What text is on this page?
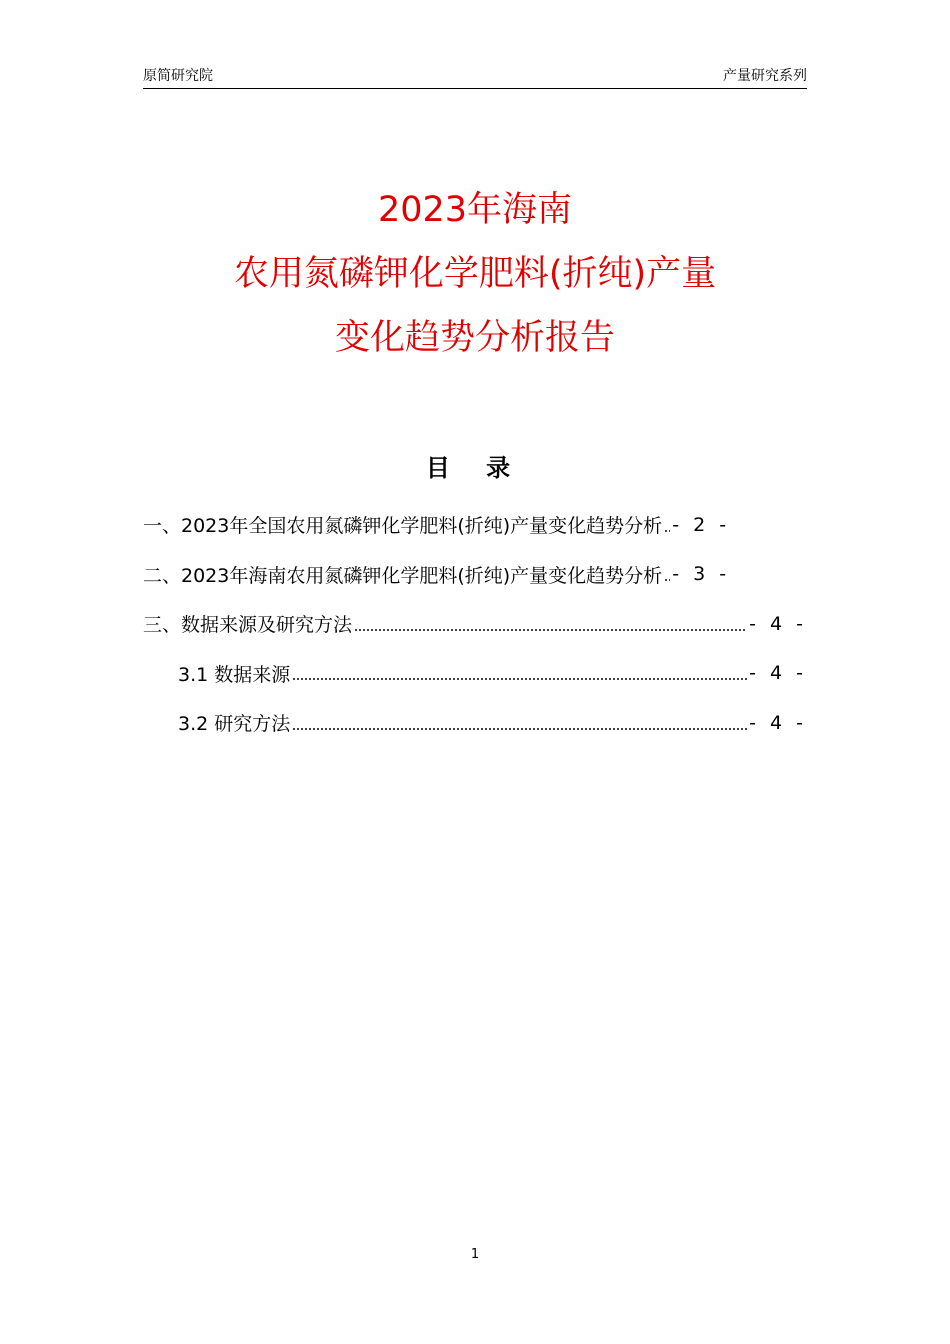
原简研究院	产量研究系列
2023年海南
农用氮磷钾化学肥料(折纯)产量
变化趋势分析报告
目 录
一、2023年全国农用氮磷钾化学肥料(折纯)产量变化趋势分析 - 2 -
二、2023年海南农用氮磷钾化学肥料(折纯)产量变化趋势分析 - 3 -
三、数据来源及研究方法	- 4 -
3.1 数据来源	- 4 -
3.2 研究方法	- 4 -
1
